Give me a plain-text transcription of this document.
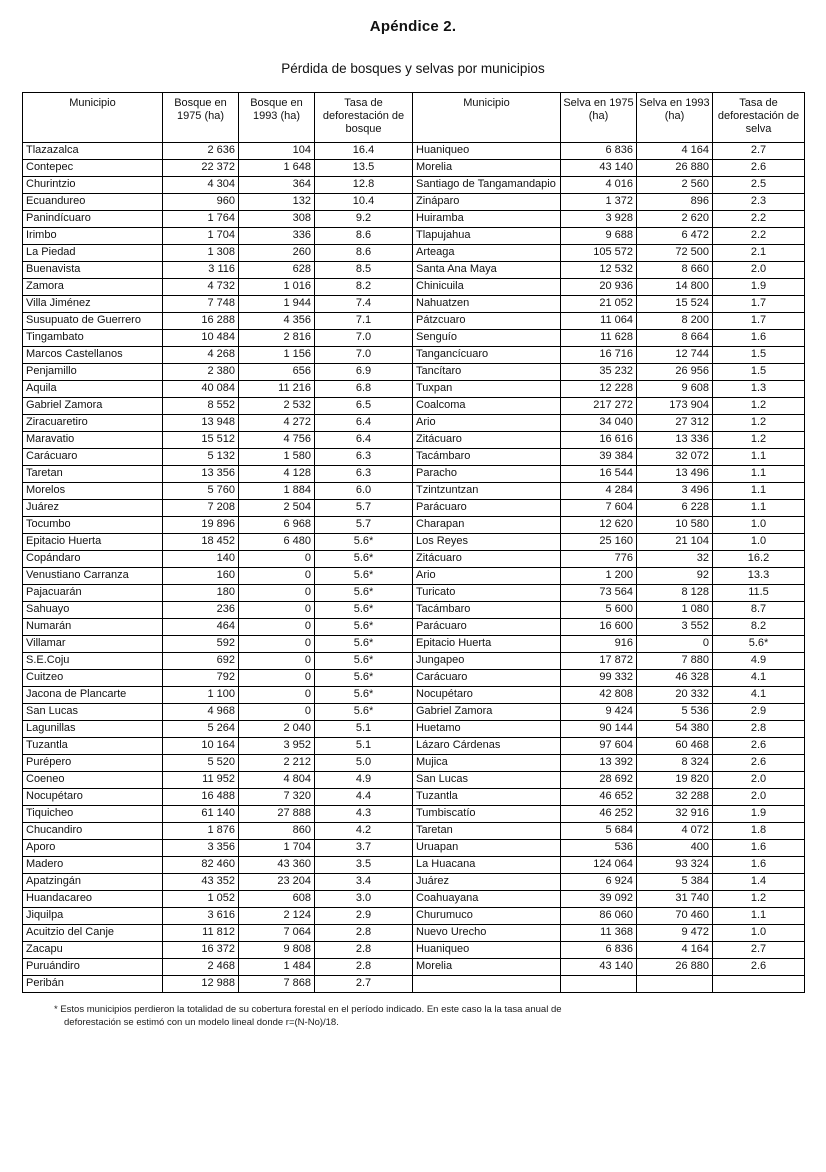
Apéndice 2.
Pérdida de bosques y selvas por municipios
Municipio	Bosque en 1975 (ha)	Bosque en 1993 (ha)	Tasa de deforestación de bosque	Municipio	Selva en 1975 (ha)	Selva en 1993 (ha)	Tasa de deforestación de selva
Tlazazalca	2 636	104	16.4	Huaniqueo	6 836	4 164	2.7
Contepec	22 372	1 648	13.5	Morelia	43 140	26 880	2.6
Churintzio	4 304	364	12.8	Santiago de Tangamandapio	4 016	2 560	2.5
Ecuandureo	960	132	10.4	Zináparo	1 372	896	2.3
Panindícuaro	1 764	308	9.2	Huiramba	3 928	2 620	2.2
Irimbo	1 704	336	8.6	Tlapujahua	9 688	6 472	2.2
La Piedad	1 308	260	8.6	Arteaga	105 572	72 500	2.1
Buenavista	3 116	628	8.5	Santa Ana Maya	12 532	8 660	2.0
Zamora	4 732	1 016	8.2	Chinicuila	20 936	14 800	1.9
Villa Jiménez	7 748	1 944	7.4	Nahuatzen	21 052	15 524	1.7
Susupuato de Guerrero	16 288	4 356	7.1	Pátzcuaro	11 064	8 200	1.7
Tingambato	10 484	2 816	7.0	Senguío	11 628	8 664	1.6
Marcos Castellanos	4 268	1 156	7.0	Tangancícuaro	16 716	12 744	1.5
Penjamillo	2 380	656	6.9	Tancítaro	35 232	26 956	1.5
Aquila	40 084	11 216	6.8	Tuxpan	12 228	9 608	1.3
Gabriel Zamora	8 552	2 532	6.5	Coalcoma	217 272	173 904	1.2
Ziracuaretiro	13 948	4 272	6.4	Ario	34 040	27 312	1.2
Maravatio	15 512	4 756	6.4	Zitácuaro	16 616	13 336	1.2
Carácuaro	5 132	1 580	6.3	Tacámbaro	39 384	32 072	1.1
Taretan	13 356	4 128	6.3	Paracho	16 544	13 496	1.1
Morelos	5 760	1 884	6.0	Tzintzuntzan	4 284	3 496	1.1
Juárez	7 208	2 504	5.7	Parácuaro	7 604	6 228	1.1
Tocumbo	19 896	6 968	5.7	Charapan	12 620	10 580	1.0
Epitacio Huerta	18 452	6 480	5.6*	Los Reyes	25 160	21 104	1.0
Copándaro	140	0	5.6*	Zitácuaro	776	32	16.2
Venustiano Carranza	160	0	5.6*	Ario	1 200	92	13.3
Pajacuarán	180	0	5.6*	Turicato	73 564	8 128	11.5
Sahuayo	236	0	5.6*	Tacámbaro	5 600	1 080	8.7
Numarán	464	0	5.6*	Parácuaro	16 600	3 552	8.2
Villamar	592	0	5.6*	Epitacio Huerta	916	0	5.6*
S.E.Coju	692	0	5.6*	Jungapeo	17 872	7 880	4.9
Cuitzeo	792	0	5.6*	Carácuaro	99 332	46 328	4.1
Jacona de Plancarte	1 100	0	5.6*	Nocupétaro	42 808	20 332	4.1
San Lucas	4 968	0	5.6*	Gabriel Zamora	9 424	5 536	2.9
Lagunillas	5 264	2 040	5.1	Huetamo	90 144	54 380	2.8
Tuzantla	10 164	3 952	5.1	Lázaro Cárdenas	97 604	60 468	2.6
Purépero	5 520	2 212	5.0	Mujica	13 392	8 324	2.6
Coeneo	11 952	4 804	4.9	San Lucas	28 692	19 820	2.0
Nocupétaro	16 488	7 320	4.4	Tuzantla	46 652	32 288	2.0
Tiquicheo	61 140	27 888	4.3	Tumbiscatío	46 252	32 916	1.9
Chucandiro	1 876	860	4.2	Taretan	5 684	4 072	1.8
Aporo	3 356	1 704	3.7	Uruapan	536	400	1.6
Madero	82 460	43 360	3.5	La Huacana	124 064	93 324	1.6
Apatzingán	43 352	23 204	3.4	Juárez	6 924	5 384	1.4
Huandacareo	1 052	608	3.0	Coahuayana	39 092	31 740	1.2
Jiquilpa	3 616	2 124	2.9	Churumuco	86 060	70 460	1.1
Acuitzio del Canje	11 812	7 064	2.8	Nuevo Urecho	11 368	9 472	1.0
Zacapu	16 372	9 808	2.8	Huaniqueo	6 836	4 164	2.7
Puruándiro	2 468	1 484	2.8	Morelia	43 140	26 880	2.6
Peribán	12 988	7 868	2.7				
* Estos municipios perdieron la totalidad de su cobertura forestal en el período indicado. En este caso la la tasa anual de
deforestación se estimó con un modelo lineal donde r=(N-No)/18.
